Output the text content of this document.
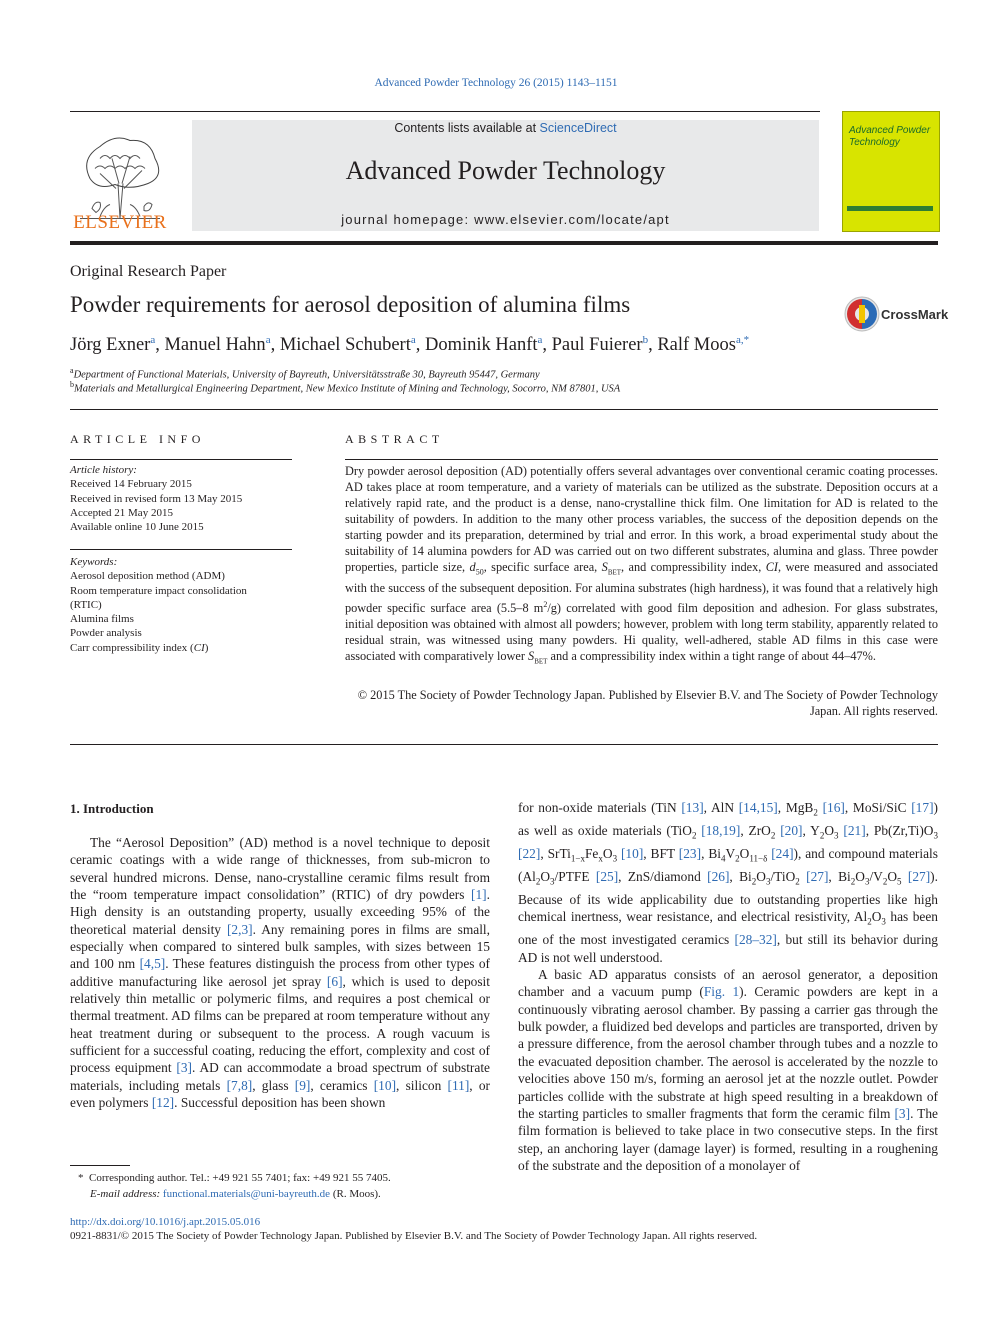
Advanced Powder Technology 26 (2015) 1143–1151
ELSEVIER
Contents lists available at ScienceDirect
Advanced Powder Technology
journal homepage: www.elsevier.com/locate/apt
Advanced Powder Technology
Original Research Paper
Powder requirements for aerosol deposition of alumina films	CrossMark
Jörg Exner$^a$, Manuel Hahn$^a$, Michael Schubert$^a$, Dominik Hanft$^a$, Paul Fuierer$^b$, Ralf Moos$^{a,*}$
$^a$Department of Functional Materials, University of Bayreuth, Universitätsstraße 30, Bayreuth 95447, Germany
$^b$Materials and Metallurgical Engineering Department, New Mexico Institute of Mining and Technology, Socorro, NM 87801, USA
ARTICLE INFO
Article history:
Received 14 February 2015
Received in revised form 13 May 2015
Accepted 21 May 2015
Available online 10 June 2015
Keywords:
Aerosol deposition method (ADM)
Room temperature impact consolidation
(RTIC)
Alumina films
Powder analysis
Carr compressibility index (CI)
ABSTRACT
Dry powder aerosol deposition (AD) potentially offers several advantages over conventional ceramic coating processes. AD takes place at room temperature, and a variety of materials can be utilized as the substrate. Deposition occurs at a relatively rapid rate, and the product is a dense, nano-crystalline thick film. One limitation for AD is related to the suitability of powders. In addition to the many other process variables, the success of the deposition depends on the starting powder and its preparation, determined by trial and error. In this work, a broad experimental study about the suitability of 14 alumina powders for AD was carried out on two different substrates, alumina and glass. Three powder properties, particle size, $d_{50}$, specific surface area, $S_{BET}$, and compressibility index, CI, were measured and associated with the success of the subsequent deposition. For alumina substrates (high hardness), it was found that a relatively high powder specific surface area (5.5–8 $m^2/g$) correlated with good film deposition and adhesion. For glass substrates, initial deposition was obtained with almost all powders; however, problem with long term stability, apparently related to residual strain, was witnessed using many powders. Hi quality, well-adhered, stable AD films in this case were associated with comparatively lower $S_{BET}$ and a compressibility index within a tight range of about 44–47%.
© 2015 The Society of Powder Technology Japan. Published by Elsevier B.V. and The Society of Powder Technology Japan. All rights reserved.
1. Introduction
The “Aerosol Deposition” (AD) method is a novel technique to deposit ceramic coatings with a wide range of thicknesses, from sub-micron to several hundred microns. Dense, nano-crystalline ceramic films result from the “room temperature impact consolidation” (RTIC) of dry powders [1]. High density is an outstanding property, usually exceeding 95% of the theoretical material density [2,3]. Any remaining pores in films are small, especially when compared to sintered bulk samples, with sizes between 15 and 100 nm [4,5]. These features distinguish the process from other types of additive manufacturing like aerosol jet spray [6], which is used to deposit relatively thin metallic or polymeric films, and requires a post chemical or thermal treatment. AD films can be prepared at room temperature without any heat treatment during or subsequent to the process. A rough vacuum is sufficient for a successful coating, reducing the effort, complexity and cost of process equipment [3]. AD can accommodate a broad spectrum of substrate materials, including metals [7,8], glass [9], ceramics [10], silicon [11], or even polymers [12]. Successful deposition has been shown

for non-oxide materials (TiN [13], AlN [14,15], MgB$_2$ [16], MoSi/SiC [17]) as well as oxide materials (TiO$_2$ [18,19], ZrO$_2$ [20], $Y_2O_3$ [21], $Pb(Zr,Ti)O_3$ [22], $SrTi_{1-x}Fe_xO_3$ [10], BFT [23], $Bi_4V_2O_{11-\delta}$ [24]), and compound materials ($Al_2O_3$/PTFE [25], ZnS/diamond [26], $Bi_2O_3/TiO_2$ [27], $Bi_2O_3/V_2O_5$ [27]). Because of its wide applicability due to outstanding properties like high chemical inertness, wear resistance, and electrical resistivity, $Al_2O_3$ has been one of the most investigated ceramics [28–32], but still its behavior during AD is not well understood.

A basic AD apparatus consists of an aerosol generator, a deposition chamber and a vacuum pump (Fig. 1). Ceramic powders are kept in a continuously vibrating aerosol chamber. By passing a carrier gas through the bulk powder, a fluidized bed develops and particles are transported, driven by a pressure difference, from the aerosol chamber through tubes and a nozzle to the evacuated deposition chamber. The aerosol is accelerated by the nozzle to velocities above 150 m/s, forming an aerosol jet at the nozzle outlet. Powder particles collide with the substrate at high speed resulting in a breakdown of the starting particles to smaller fragments that form the ceramic film [3]. The film formation is believed to take place in two consecutive steps. In the first step, an anchoring layer (damage layer) is formed, resulting in a roughening of the substrate and the deposition of a monolayer of

*  Corresponding author. Tel.: +49 921 55 7401; fax: +49 921 55 7405.
E-mail address: functional.materials@uni-bayreuth.de (R. Moos).
http://dx.doi.org/10.1016/j.apt.2015.05.016
0921-8831/© 2015 The Society of Powder Technology Japan. Published by Elsevier B.V. and The Society of Powder Technology Japan. All rights reserved.
